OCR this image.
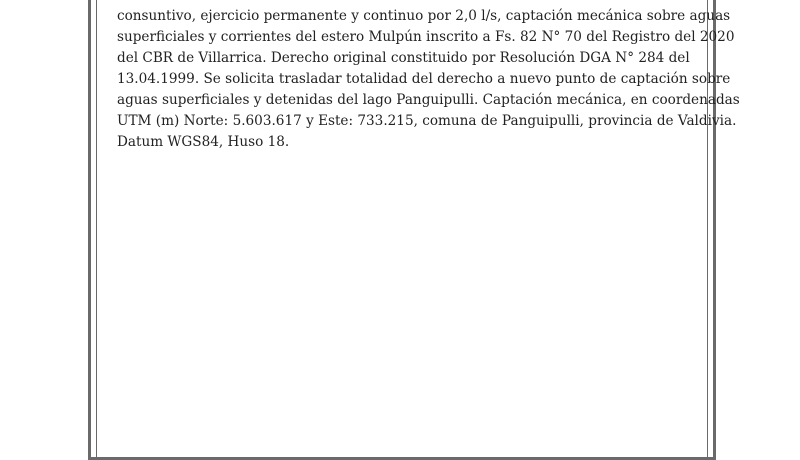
consuntivo, ejercicio permanente y continuo por 2,0 l/s, captación mecánica sobre aguas
superficiales y corrientes del estero Mulpún inscrito a Fs. 82 N° 70 del Registro del 2020
del CBR de Villarrica. Derecho original constituido por Resolución DGA N° 284 del
13.04.1999. Se solicita trasladar totalidad del derecho a nuevo punto de captación sobre
aguas superficiales y detenidas del lago Panguipulli. Captación mecánica, en coordenadas
UTM (m) Norte: 5.603.617 y Este: 733.215, comuna de Panguipulli, provincia de Valdivia.
Datum WGS84, Huso 18.
